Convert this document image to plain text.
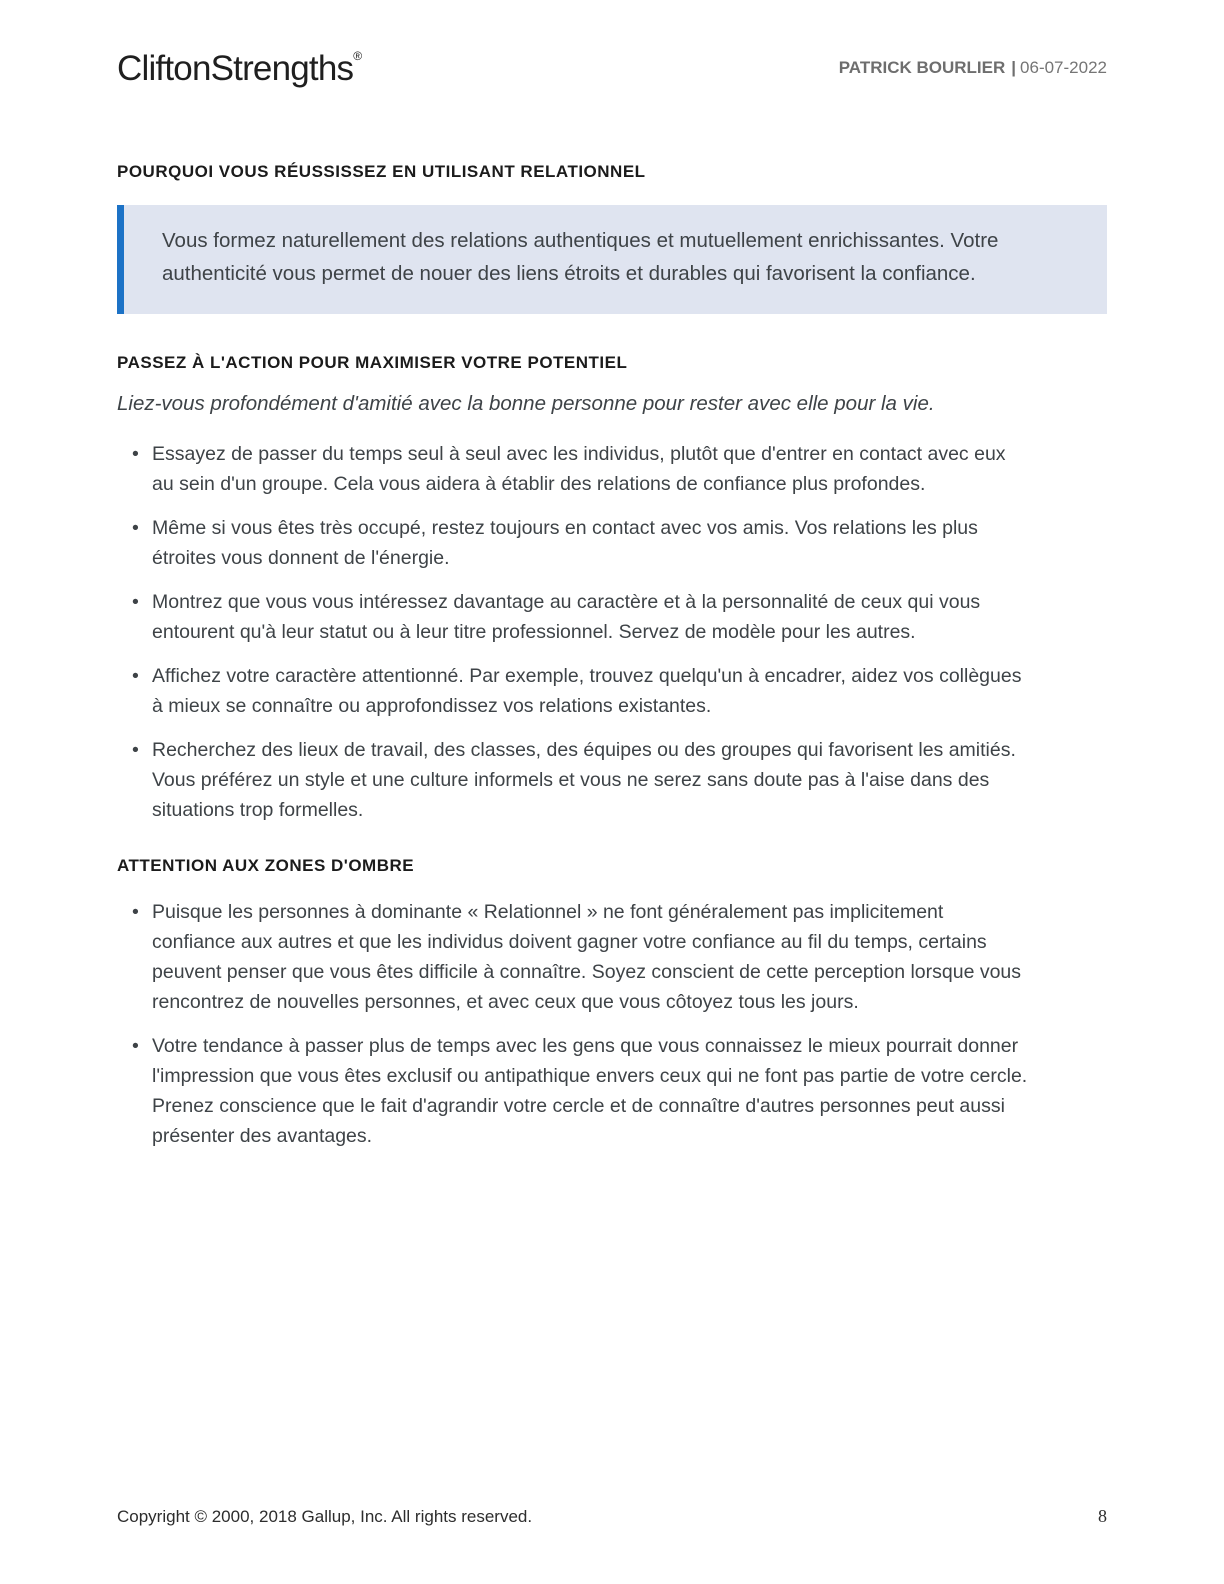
CliftonStrengths®
PATRICK BOURLIER | 06-07-2022
POURQUOI VOUS RÉUSSISSEZ EN UTILISANT RELATIONNEL
Vous formez naturellement des relations authentiques et mutuellement enrichissantes. Votre authenticité vous permet de nouer des liens étroits et durables qui favorisent la confiance.
PASSEZ À L'ACTION POUR MAXIMISER VOTRE POTENTIEL
Liez-vous profondément d'amitié avec la bonne personne pour rester avec elle pour la vie.
• Essayez de passer du temps seul à seul avec les individus, plutôt que d'entrer en contact avec eux au sein d'un groupe. Cela vous aidera à établir des relations de confiance plus profondes.
• Même si vous êtes très occupé, restez toujours en contact avec vos amis. Vos relations les plus étroites vous donnent de l'énergie.
• Montrez que vous vous intéressez davantage au caractère et à la personnalité de ceux qui vous entourent qu'à leur statut ou à leur titre professionnel. Servez de modèle pour les autres.
• Affichez votre caractère attentionné. Par exemple, trouvez quelqu'un à encadrer, aidez vos collègues à mieux se connaître ou approfondissez vos relations existantes.
• Recherchez des lieux de travail, des classes, des équipes ou des groupes qui favorisent les amitiés. Vous préférez un style et une culture informels et vous ne serez sans doute pas à l'aise dans des situations trop formelles.
ATTENTION AUX ZONES D'OMBRE
• Puisque les personnes à dominante « Relationnel » ne font généralement pas implicitement confiance aux autres et que les individus doivent gagner votre confiance au fil du temps, certains peuvent penser que vous êtes difficile à connaître. Soyez conscient de cette perception lorsque vous rencontrez de nouvelles personnes, et avec ceux que vous côtoyez tous les jours.
• Votre tendance à passer plus de temps avec les gens que vous connaissez le mieux pourrait donner l'impression que vous êtes exclusif ou antipathique envers ceux qui ne font pas partie de votre cercle. Prenez conscience que le fait d'agrandir votre cercle et de connaître d'autres personnes peut aussi présenter des avantages.
Copyright © 2000, 2018 Gallup, Inc. All rights reserved.	8
